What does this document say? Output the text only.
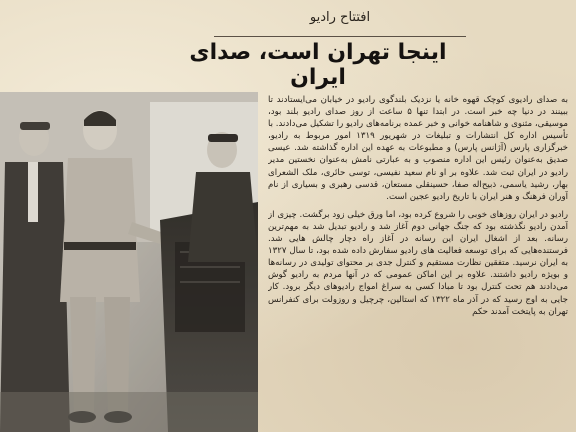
افتتاح رادیو
اینجا تهران است، صدای ایران

به صدای رادیوی کوچک قهوه خانه یا نزدیک بلندگوی رادیو در خیابان می‌ایستادند تا ببینند در دنیا چه خبر است. در ابتدا تنها ۵ ساعت از روز صدای رادیو بلند بود، موسیقی، مثنوی و شاهنامه خوانی و خبر عمده برنامه‌های رادیو را تشکیل می‌دادند. با تأسیس اداره کل انتشارات و تبلیغات در شهریور ۱۳۱۹ امور مربوط به رادیو، خبرگزاری پارس (آژانس پارس) و مطبوعات به عهده این اداره گذاشته شد. عیسی صدیق به‌عنوان رئیس این اداره منصوب و به عبارتی نامش به‌عنوان نخستین مدیر رادیو در ایران ثبت شد. علاوه بر او نام سعید نفیسی، توسی حائری، ملک الشعرای بهار، رشید یاسمی، ذبیح‌اله صفا، حسینقلی مستعان، قدسی رهبری و بسیاری از نام آوران فرهنگ و هنر ایران با تاریخ رادیو عجین است.

رادیو در ایران روزهای خوبی را شروع کرده بود، اما ورق خیلی زود برگشت. چیزی از آمدن رادیو نگذشته بود که جنگ جهانی دوم آغاز شد و رادیو تبدیل شد به مهم‌ترین رسانه. بعد از اشغال ایران این رسانه در آغاز راه دچار چالش هایی شد. فرستنده‌هایی که برای توسعه فعالیت های رادیو سفارش داده شده بود، تا سال ۱۳۲۷ به ایران نرسید. متفقین نظارت مستقیم و کنترل جدی بر محتوای تولیدی در رسانه‌ها و بویژه رادیو داشتند. علاوه بر این اماکن عمومی که در آنها مردم به رادیو گوش می‌دادند هم تحت کنترل بود تا مبادا کسی به سراغ امواج رادیوهای دیگر برود. کار جایی به اوج رسید که در آذر ماه ۱۳۲۲ که استالین، چرچیل و روزولت برای کنفرانس تهران به پایتخت آمدند حکم
